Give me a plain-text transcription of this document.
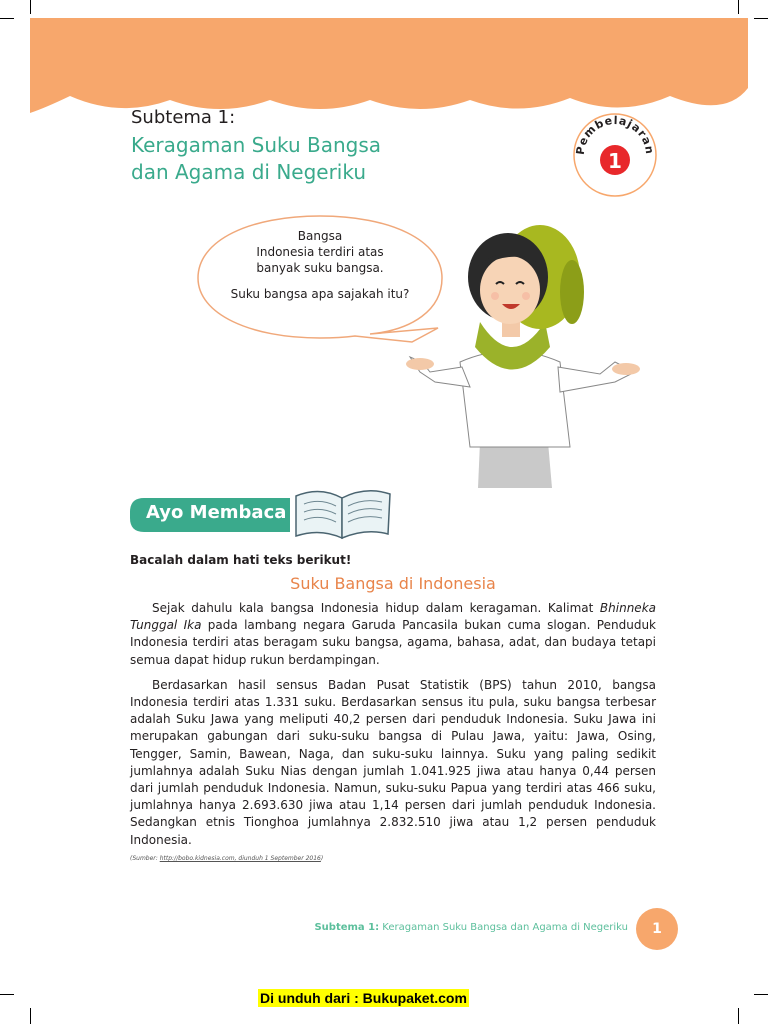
Subtema 1:
Keragaman Suku Bangsa
dan Agama di Negeriku
Pembelajaran
1

Bangsa

Indonesia terdiri atas

banyak suku bangsa.

Suku bangsa apa sajakah itu?

Ayo Membaca
Bacalah dalam hati teks berikut!
Suku Bangsa di Indonesia

Sejak dahulu kala bangsa Indonesia hidup dalam keragaman. Kalimat Bhinneka Tunggal Ika pada lambang negara Garuda Pancasila bukan cuma slogan. Penduduk Indonesia terdiri atas beragam suku bangsa, agama, bahasa, adat, dan budaya tetapi semua dapat hidup rukun berdampingan.

Berdasarkan hasil sensus Badan Pusat Statistik (BPS) tahun 2010, bangsa Indonesia terdiri atas 1.331 suku. Berdasarkan sensus itu pula, suku bangsa terbesar adalah Suku Jawa yang meliputi 40,2 persen dari penduduk Indonesia. Suku Jawa ini merupakan gabungan dari suku-suku bangsa di Pulau Jawa, yaitu: Jawa, Osing, Tengger, Samin, Bawean, Naga, dan suku-suku lainnya. Suku yang paling sedikit jumlahnya adalah Suku Nias dengan jumlah 1.041.925 jiwa atau hanya 0,44 persen dari jumlah penduduk Indonesia. Namun, suku-suku Papua yang terdiri atas 466 suku, jumlahnya hanya 2.693.630 jiwa atau 1,14 persen dari jumlah penduduk Indonesia. Sedangkan etnis Tionghoa jumlahnya 2.832.510 jiwa atau 1,2 persen penduduk Indonesia.

(Sumber: http://bobo.kidnesia.com, diunduh 1 September 2016)
Subtema 1: Keragaman Suku Bangsa dan Agama di Negeriku	1
Di unduh dari : Bukupaket.com
